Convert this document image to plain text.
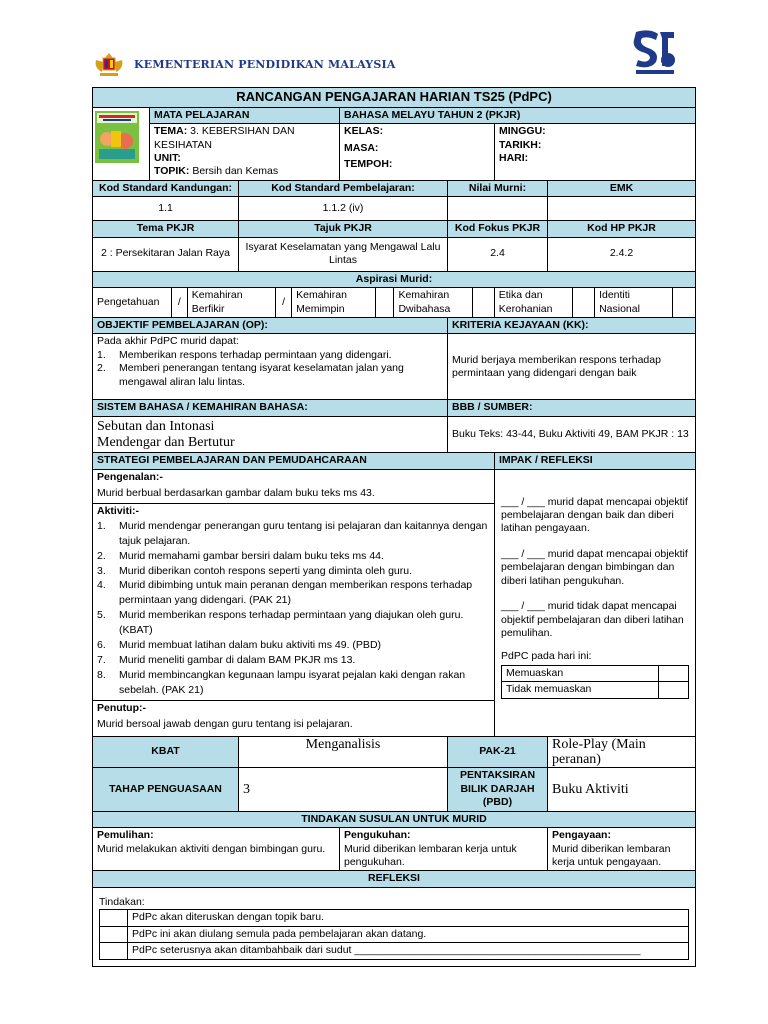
KEMENTERIAN PENDIDIKAN MALAYSIA
RANCANGAN PENGAJARAN HARIAN TS25 (PdPC)
	MATA PELAJARAN	BAHASA MELAYU TAHUN 2 (PKJR)

TEMA: 3. KEBERSIHAN DAN KESIHATAN
UNIT:
TOPIK: Bersih dan Kemas

KELAS:
MASA:
TEMPOH:

MINGGU:
TARIKH:
HARI:

Kod Standard Kandungan:	Kod Standard Pembelajaran:	Nilai Murni:	EMK
1.1	1.1.2 (iv)		
Tema PKJR	Tajuk PKJR	Kod Fokus PKJR	Kod HP PKJR
2 : Persekitaran Jalan Raya	Isyarat Keselamatan yang Mengawal Lalu Lintas	2.4	2.4.2
Aspirasi Murid:

Pengetahuan	/	Kemahiran Berfikir	/	Kemahiran Memimpin		Kemahiran Dwibahasa		Etika dan Kerohanian		Identiti Nasional	

OBJEKTIF PEMBELAJARAN (OP):	KRITERIA KEJAYAAN (KK):

Pada akhir PdPC murid dapat:
1. Memberikan respons terhadap permintaan yang didengari.
2. Memberi penerangan tentang isyarat keselamatan jalan yang mengawal aliran lalu lintas.
	Murid berjaya memberikan respons terhadap permintaan yang didengari dengan baik
SISTEM BAHASA / KEMAHIRAN BAHASA:	BBB / SUMBER:

Sebutan dan Intonasi
Mendengar dan Bertutur
	Buku Teks: 43-44, Buku Aktiviti 49, BAM PKJR : 13
STRATEGI PEMBELAJARAN DAN PEMUDAHCARAAN	IMPAK / REFLEKSI

Pengenalan:-
Murid berbual berdasarkan gambar dalam buku teks ms 43.
Aktiviti:-
1. Murid mendengar penerangan guru tentang isi pelajaran dan kaitannya dengan tajuk pelajaran.
2. Murid memahami gambar bersiri dalam buku teks ms 44.
3. Murid diberikan contoh respons seperti yang diminta oleh guru.
4. Murid dibimbing untuk main peranan dengan memberikan respons terhadap permintaan yang didengari. (PAK 21)
5. Murid memberikan respons terhadap permintaan yang diajukan oleh guru. (KBAT)
6. Murid membuat latihan dalam buku aktiviti ms 49. (PBD)
7. Murid meneliti gambar di dalam BAM PKJR ms 13.
8. Murid membincangkan kegunaan lampu isyarat pejalan kaki dengan rakan sebelah. (PAK 21)
Penutup:-
Murid bersoal jawab dengan guru tentang isi pelajaran.

___ / ___ murid dapat mencapai objektif pembelajaran dengan baik dan diberi latihan pengayaan.
___ / ___ murid dapat mencapai objektif pembelajaran dengan bimbingan dan diberi latihan pengukuhan.
___ / ___ murid tidak dapat mencapai objektif pembelajaran dan diberi latihan pemulihan.
PdPC pada hari ini:
Memuaskan	
Tidak memuaskan	

KBAT	Menganalisis	PAK-21	Role-Play (Main peranan)
TAHAP PENGUASAAN	3	PENTAKSIRAN BILIK DARJAH (PBD)	Buku Aktiviti
TINDAKAN SUSULAN UNTUK MURID

Pemulihan:
Murid melakukan aktiviti dengan bimbingan guru.

Pengukuhan:
Murid diberikan lembaran kerja untuk pengukuhan.

Pengayaan:
Murid diberikan lembaran kerja untuk pengayaan.

REFLEKSI

Tindakan:
	PdPc akan diteruskan dengan topik baru.
	PdPc ini akan diulang semula pada pembelajaran akan datang.
	PdPc seterusnya akan ditambahbaik dari sudut _________________________________________________
